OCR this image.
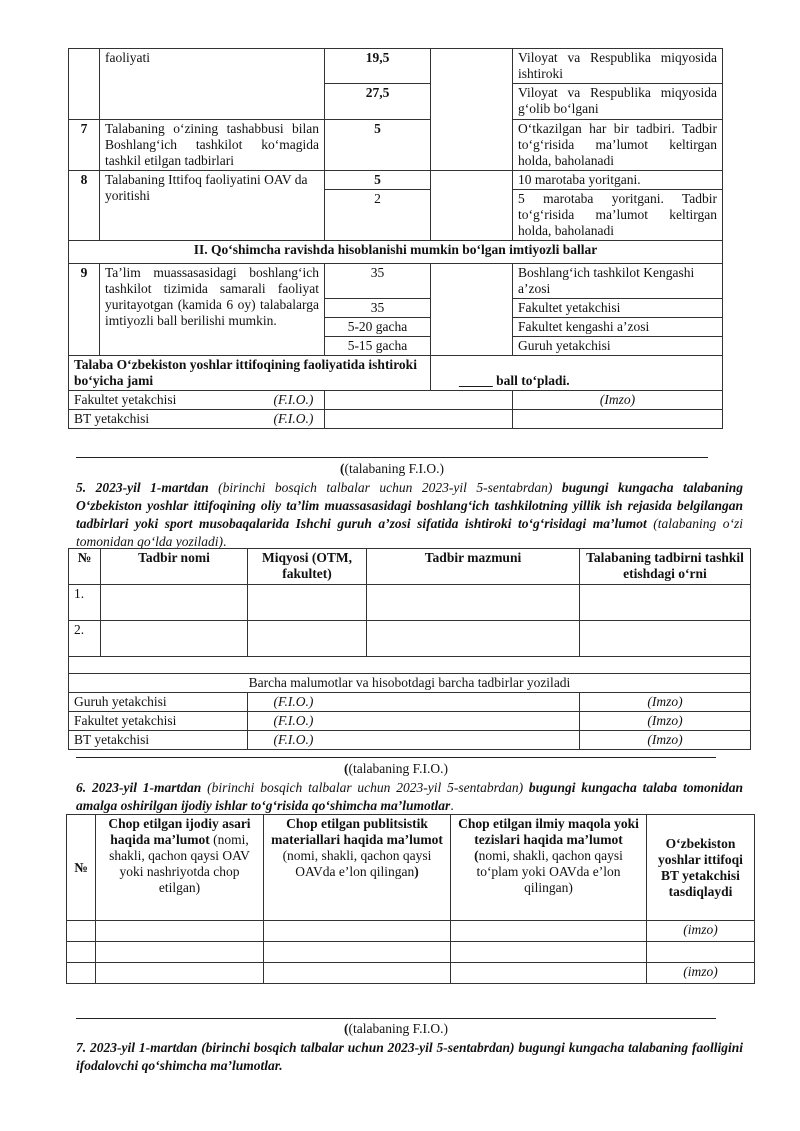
	faoliyati	19,5		Viloyat va Respublika miqyosida ishtiroki
		27,5		Viloyat va Respublika miqyosida g‘olib bo‘lgani
7	Talabaning o‘zining tashabbusi bilan Boshlang‘ich tashkilot ko‘magida tashkil etilgan tadbirlari	5		O‘tkazilgan har bir tadbiri. Tadbir to‘g‘risida ma’lumot keltirgan holda, baholanadi
8	Talabaning Ittifoq faoliyatini OAV da yoritishi	5		10 marotaba yoritgani.
		2		5 marotaba yoritgani. Tadbir to‘g‘risida ma’lumot keltirgan holda, baholanadi
II. Qo‘shimcha ravishda hisoblanishi mumkin bo‘lgan imtiyozli ballar				
9	Ta’lim muassasasidagi boshlang‘ich tashkilot tizimida samarali faoliyat yuritayotgan (kamida 6 oy) talabalarga imtiyozli ball berilishi mumkin.	35		Boshlang‘ich tashkilot Kengashi a’zosi
		35		Fakultet yetakchisi
		5-20 gacha		Fakultet kengashi a’zosi
		5-15 gacha		Guruh yetakchisi
Talaba O‘zbekiston yoshlar ittifoqining faoliyatida ishtiroki bo‘yicha jami			_____ ball to‘pladi.	
Fakultet yetakchisi (F.I.O.)				(Imzo)
BT yetakchisi (F.I.O.)				

((talabaning F.I.O.)
5. 2023-yil 1-martdan (birinchi bosqich talbalar uchun 2023-yil 5-sentabrdan) bugungi kungacha talabaning O‘zbekiston yoshlar ittifoqining oliy ta’lim muassasasidagi boshlang‘ich tashkilotning yillik ish rejasida belgilangan tadbirlari yoki sport musobaqalarida Ishchi guruh a’zosi sifatida ishtiroki to‘g‘risidagi ma’lumot (talabaning o‘zi tomonidan qo‘lda yoziladi).
№	Tadbir nomi	Miqyosi (OTM, fakultet)	Tadbir mazmuni	Talabaning tadbirni tashkil etishdagi o‘rni
1.				
2.				

Barcha malumotlar va hisobotdagi barcha tadbirlar yoziladi				
Guruh yetakchisi (F.I.O.)				(Imzo)
Fakultet yetakchisi (F.I.O.)				(Imzo)
BT yetakchisi (F.I.O.)				(Imzo)
((talabaning F.I.O.)
6. 2023-yil 1-martdan (birinchi bosqich talbalar uchun 2023-yil 5-sentabrdan) bugungi kungacha talaba tomonidan amalga oshirilgan ijodiy ishlar to‘g‘risida qo‘shimcha ma’lumotlar.
№	Chop etilgan ijodiy asari haqida ma’lumot (nomi, shakli, qachon qaysi OAV yoki nashriyotda chop etilgan)	Chop etilgan publitsistik materiallari haqida ma’lumot (nomi, shakli, qachon qaysi OAVda e’lon qilingan)	Chop etilgan ilmiy maqola yoki tezislari haqida ma’lumot (nomi, shakli, qachon qaysi to‘plam yoki OAVda e’lon qilingan)	O‘zbekiston yoshlar ittifoqi BT yetakchisi tasdiqlaydi
				(imzo)

				(imzo)
((talabaning F.I.O.)
7. 2023-yil 1-martdan (birinchi bosqich talbalar uchun 2023-yil 5-sentabrdan) bugungi kungacha talabaning faolligini ifodalovchi qo‘shimcha ma’lumotlar.
